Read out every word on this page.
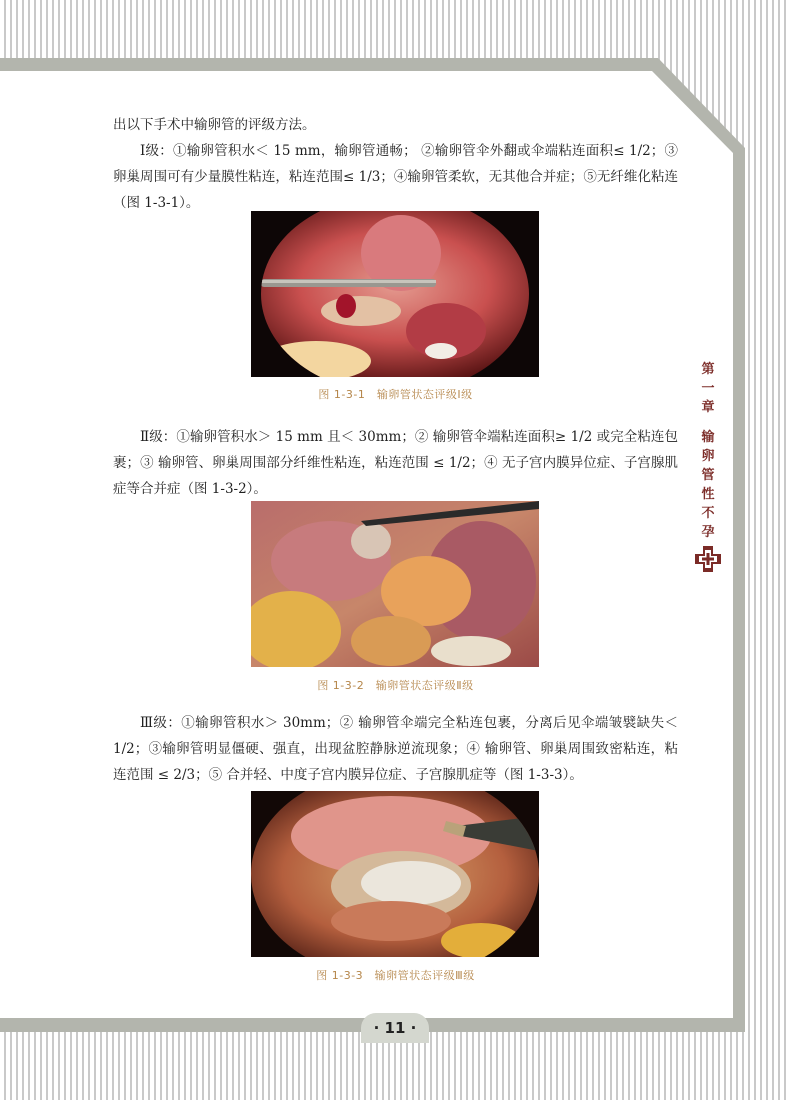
出以下手术中输卵管的评级方法。

Ⅰ级：①输卵管积水＜ 15 mm，输卵管通畅； ②输卵管伞外翻或伞端粘连面积≤ 1/2；③卵巢周围可有少量膜性粘连，粘连范围≤ 1/3；④输卵管柔软，无其他合并症；⑤无纤维化粘连（图 1-3-1）。

图 1-3-1　输卵管状态评级Ⅰ级

Ⅱ级：①输卵管积水＞ 15 mm 且＜ 30mm；② 输卵管伞端粘连面积≥ 1/2 或完全粘连包裹；③ 输卵管、卵巢周围部分纤维性粘连，粘连范围 ≤ 1/2；④ 无子宫内膜异位症、子宫腺肌症等合并症（图 1-3-2）。

图 1-3-2　输卵管状态评级Ⅱ级

Ⅲ级：①输卵管积水＞ 30mm；② 输卵管伞端完全粘连包裹，分离后见伞端皱襞缺失＜ 1/2；③输卵管明显僵硬、强直，出现盆腔静脉逆流现象；④ 输卵管、卵巢周围致密粘连，粘连范围 ≤ 2/3；⑤ 合并轻、中度子宫内膜异位症、子宫腺肌症等（图 1-3-3）。

图 1-3-3　输卵管状态评级Ⅲ级
第
一
章
输
卵
管
性
不
孕
· 11 ·
